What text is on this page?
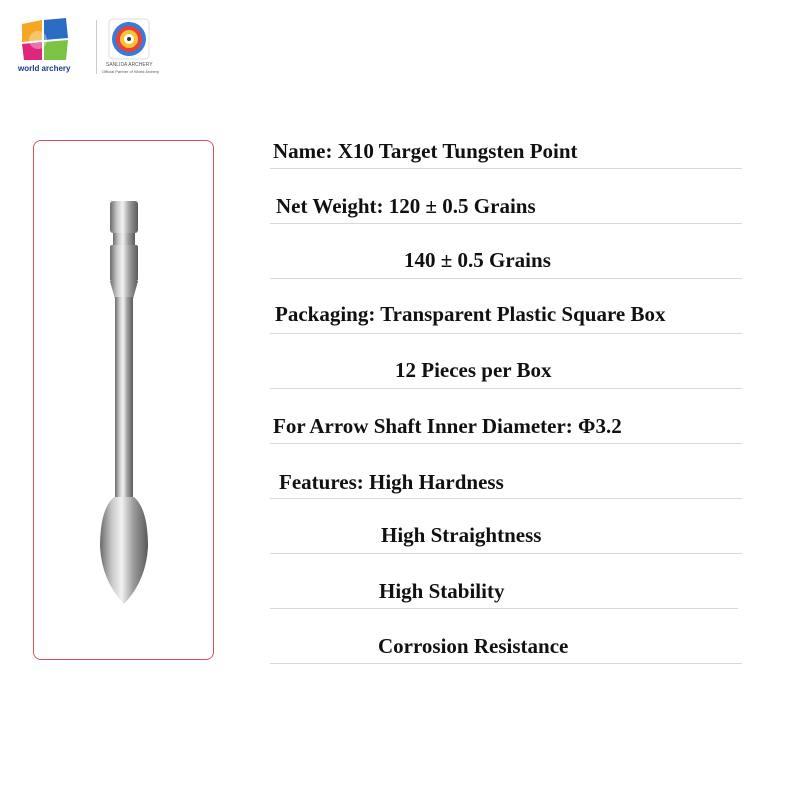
world archery	SANLIDA ARCHERY
Official Partner of World Archery
Name: X10 Target Tungsten Point
Net Weight: 120 ± 0.5 Grains
140 ± 0.5 Grains
Packaging: Transparent Plastic Square Box
12 Pieces per Box
For Arrow Shaft Inner Diameter: Φ3.2
Features: High Hardness
High Straightness
High Stability
Corrosion Resistance
